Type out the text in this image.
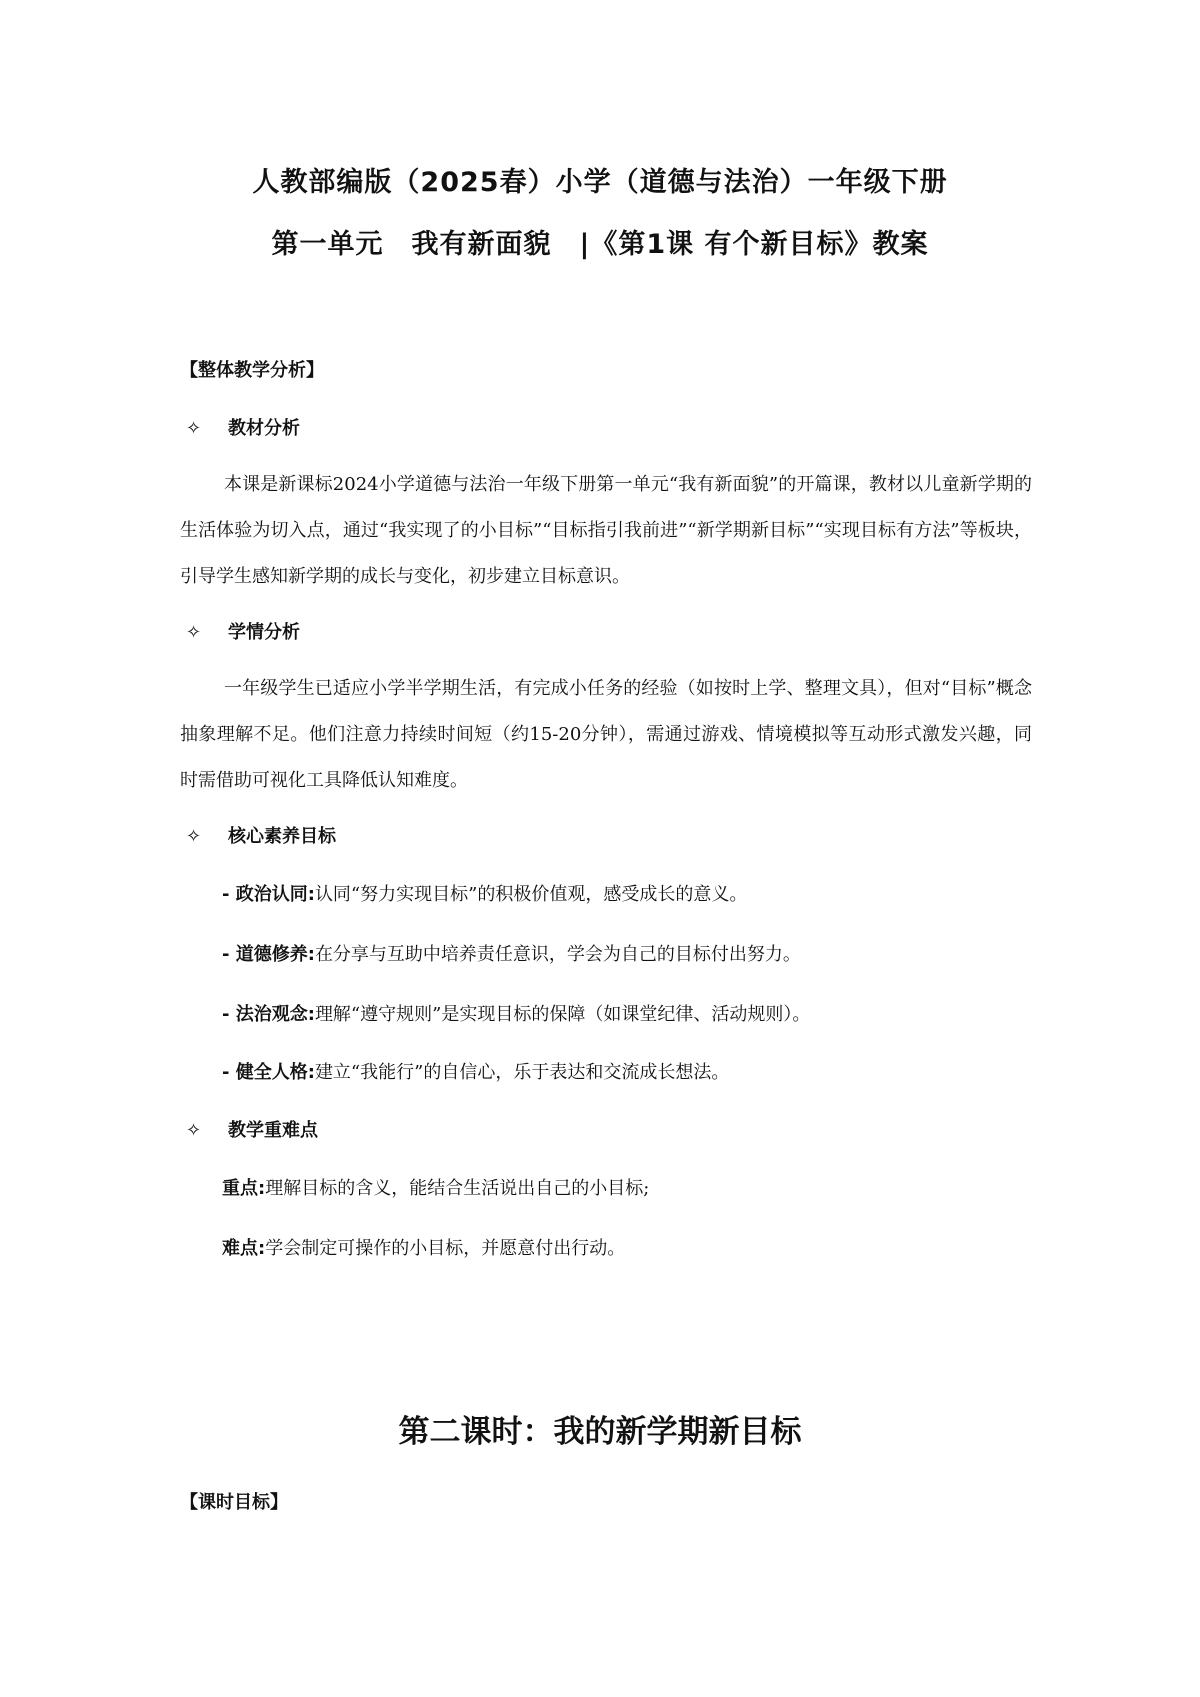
人教部编版（2025春）小学（道德与法治）一年级下册
第一单元　我有新面貌　|《第1课 有个新目标》教案
【整体教学分析】
✧ 教材分析
本课是新课标2024小学道德与法治一年级下册第一单元“我有新面貌”的开篇课，教材以儿童新学期的生活体验为切入点，通过“我实现了的小目标”“目标指引我前进”“新学期新目标”“实现目标有方法”等板块，引导学生感知新学期的成长与变化，初步建立目标意识。
✧ 学情分析
一年级学生已适应小学半学期生活，有完成小任务的经验（如按时上学、整理文具），但对“目标”概念抽象理解不足。他们注意力持续时间短（约15-20分钟），需通过游戏、情境模拟等互动形式激发兴趣，同时需借助可视化工具降低认知难度。
✧ 核心素养目标
- 政治认同:认同“努力实现目标”的积极价值观，感受成长的意义。
- 道德修养:在分享与互助中培养责任意识，学会为自己的目标付出努力。
- 法治观念:理解“遵守规则”是实现目标的保障（如课堂纪律、活动规则）。
- 健全人格:建立“我能行”的自信心，乐于表达和交流成长想法。
✧ 教学重难点
重点:理解目标的含义，能结合生活说出自己的小目标;
难点:学会制定可操作的小目标，并愿意付出行动。
第二课时：我的新学期新目标
【课时目标】
